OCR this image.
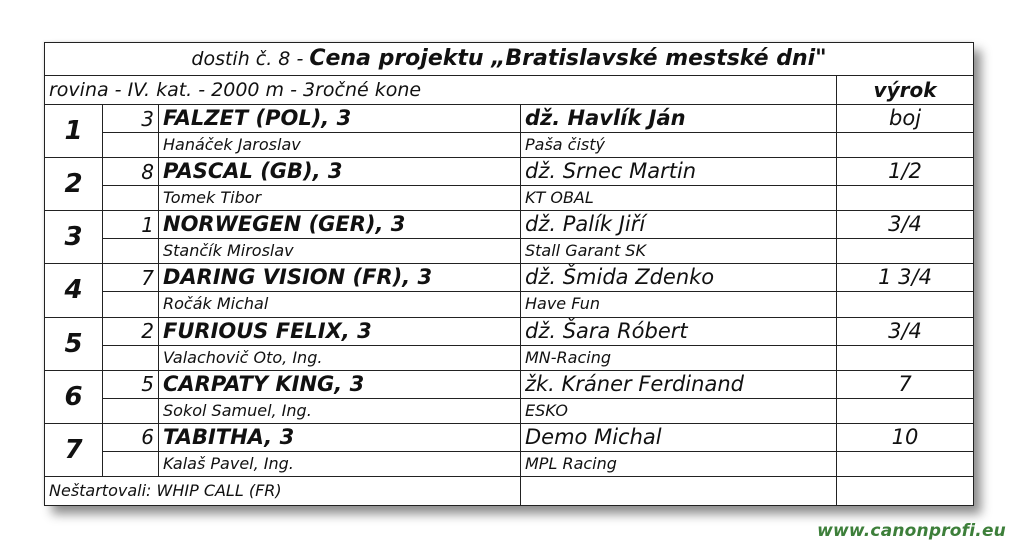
dostih č. 8 - Cena projektu „Bratislavské mestské dni"				
rovina - IV. kat. - 2000 m - 3ročné kone				výrok
1	3	FALZET (POL), 3	dž. Havlík Ján	boj
		Hanáček Jaroslav	Paša čistý	
2	8	PASCAL (GB), 3	dž. Srnec Martin	1/2
		Tomek Tibor	KT OBAL	
3	1	NORWEGEN (GER), 3	dž. Palík Jiří	3/4
		Stančík Miroslav	Stall Garant SK	
4	7	DARING VISION (FR), 3	dž. Šmida Zdenko	1 3/4
		Ročák Michal	Have Fun	
5	2	FURIOUS FELIX, 3	dž. Šara Róbert	3/4
		Valachovič Oto, Ing.	MN-Racing	
6	5	CARPATY KING, 3	žk. Kráner Ferdinand	7
		Sokol Samuel, Ing.	ESKO	
7	6	TABITHA, 3	Demo Michal	10
		Kalaš Pavel, Ing.	MPL Racing	
Neštartovali: WHIP CALL (FR)				
www.canonprofi.eu
